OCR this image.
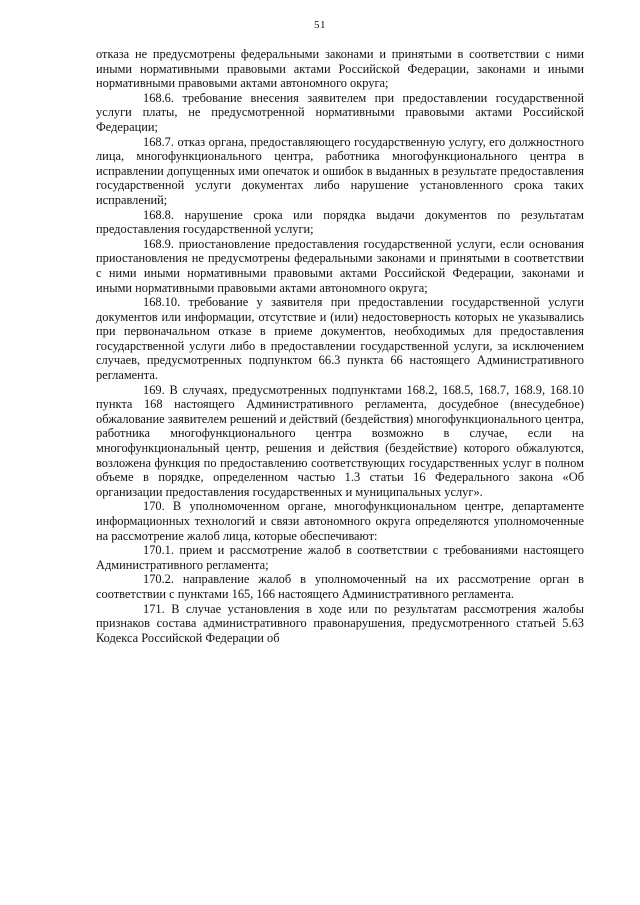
51

отказа не предусмотрены федеральными законами и принятыми в соответствии с ними иными нормативными правовыми актами Российской Федерации, законами и иными нормативными правовыми актами автономного округа;

168.6. требование внесения заявителем при предоставлении государственной услуги платы, не предусмотренной нормативными правовыми актами Российской Федерации;

168.7. отказ органа, предоставляющего государственную услугу, его должностного лица, многофункционального центра, работника многофункционального центра в исправлении допущенных ими опечаток и ошибок в выданных в результате предоставления государственной услуги документах либо нарушение установленного срока таких исправлений;

168.8. нарушение срока или порядка выдачи документов по результатам предоставления государственной услуги;

168.9. приостановление предоставления государственной услуги, если основания приостановления не предусмотрены федеральными законами и принятыми в соответствии с ними иными нормативными правовыми актами Российской Федерации, законами и иными нормативными правовыми актами автономного округа;

168.10. требование у заявителя при предоставлении государственной услуги документов или информации, отсутствие и (или) недостоверность которых не указывались при первоначальном отказе в приеме документов, необходимых для предоставления государственной услуги либо в предоставлении государственной услуги, за исключением случаев, предусмотренных подпунктом 66.3 пункта 66 настоящего Административного регламента.

169. В случаях, предусмотренных подпунктами 168.2, 168.5, 168.7, 168.9, 168.10 пункта 168 настоящего Административного регламента, досудебное (внесудебное) обжалование заявителем решений и действий (бездействия) многофункционального центра, работника многофункционального центра возможно в случае, если на многофункциональный центр, решения и действия (бездействие) которого обжалуются, возложена функция по предоставлению соответствующих государственных услуг в полном объеме в порядке, определенном частью 1.3 статьи 16 Федерального закона «Об организации предоставления государственных и муниципальных услуг».

170. В уполномоченном органе, многофункциональном центре, департаменте информационных технологий и связи автономного округа определяются уполномоченные на рассмотрение жалоб лица, которые обеспечивают:

170.1. прием и рассмотрение жалоб в соответствии с требованиями настоящего Административного регламента;

170.2. направление жалоб в уполномоченный на их рассмотрение орган в соответствии с пунктами 165, 166 настоящего Административного регламента.

171. В случае установления в ходе или по результатам рассмотрения жалобы признаков состава административного правонарушения, предусмотренного статьей 5.63 Кодекса Российской Федерации об
